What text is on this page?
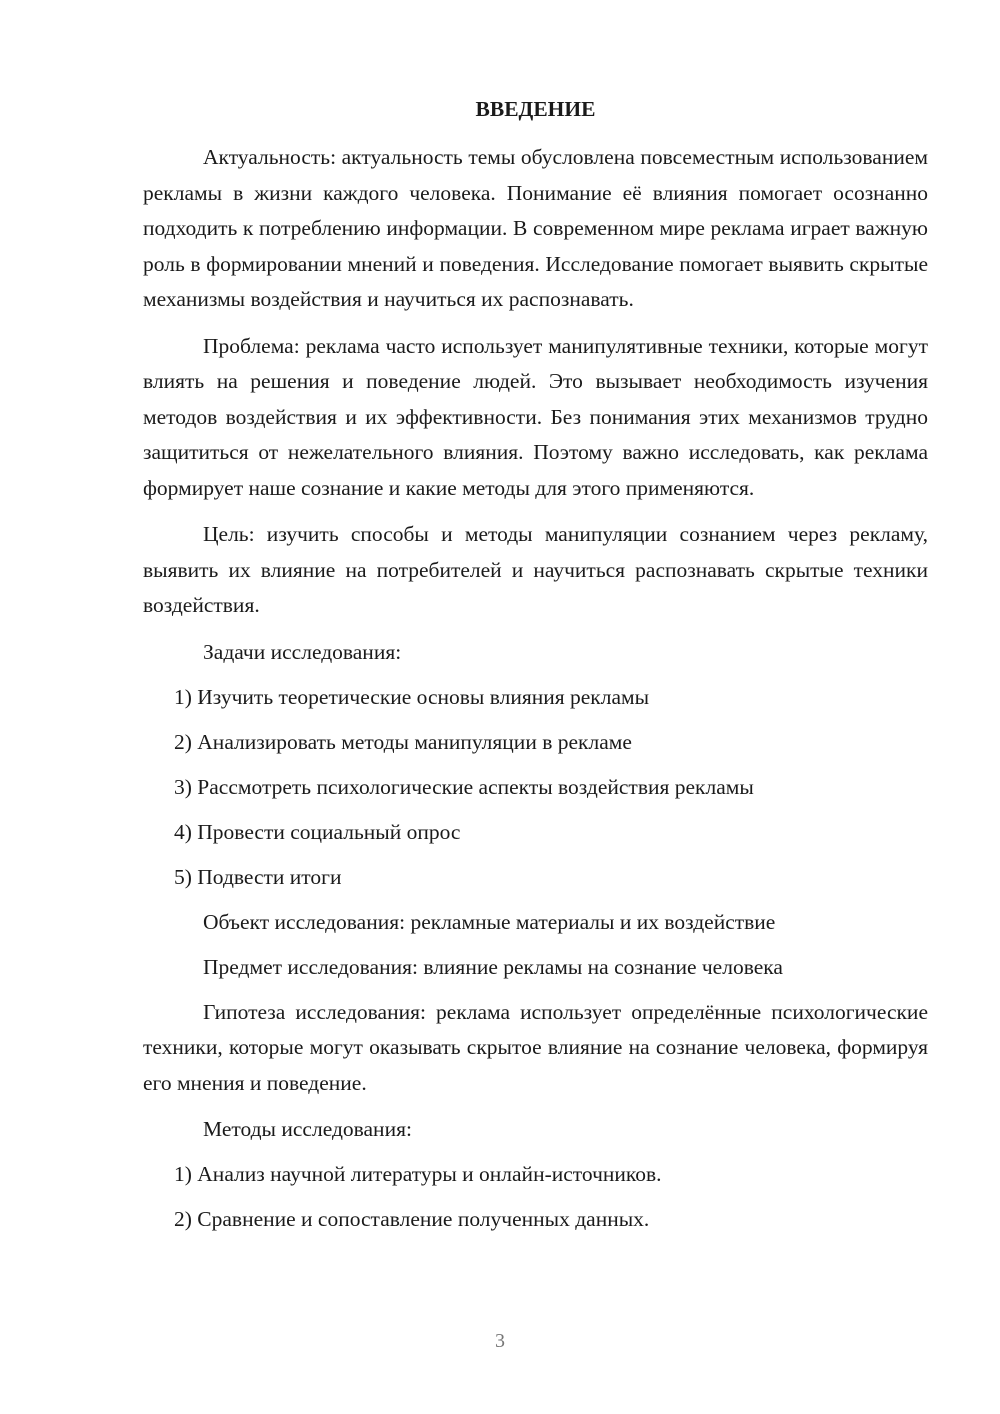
ВВЕДЕНИЕ

Актуальность: актуальность темы обусловлена повсеместным использованием рекламы в жизни каждого человека. Понимание её влияния помогает осознанно подходить к потреблению информации. В современном мире реклама играет важную роль в формировании мнений и поведения. Исследование помогает выявить скрытые механизмы воздействия и научиться их распознавать.

Проблема: реклама часто использует манипулятивные техники, которые могут влиять на решения и поведение людей. Это вызывает необходимость изучения методов воздействия и их эффективности. Без понимания этих механизмов трудно защититься от нежелательного влияния. Поэтому важно исследовать, как реклама формирует наше сознание и какие методы для этого применяются.

Цель: изучить способы и методы манипуляции сознанием через рекламу, выявить их влияние на потребителей и научиться распознавать скрытые техники воздействия.

Задачи исследования:
1) Изучить теоретические основы влияния рекламы
2) Анализировать методы манипуляции в рекламе
3) Рассмотреть психологические аспекты воздействия рекламы
4) Провести социальный опрос
5) Подвести итоги
Объект исследования: рекламные материалы и их воздействие
Предмет исследования: влияние рекламы на сознание человека

Гипотеза исследования: реклама использует определённые психологические техники, которые могут оказывать скрытое влияние на сознание человека, формируя его мнения и поведение.

Методы исследования:
1) Анализ научной литературы и онлайн-источников.
2) Сравнение и сопоставление полученных данных.
3
